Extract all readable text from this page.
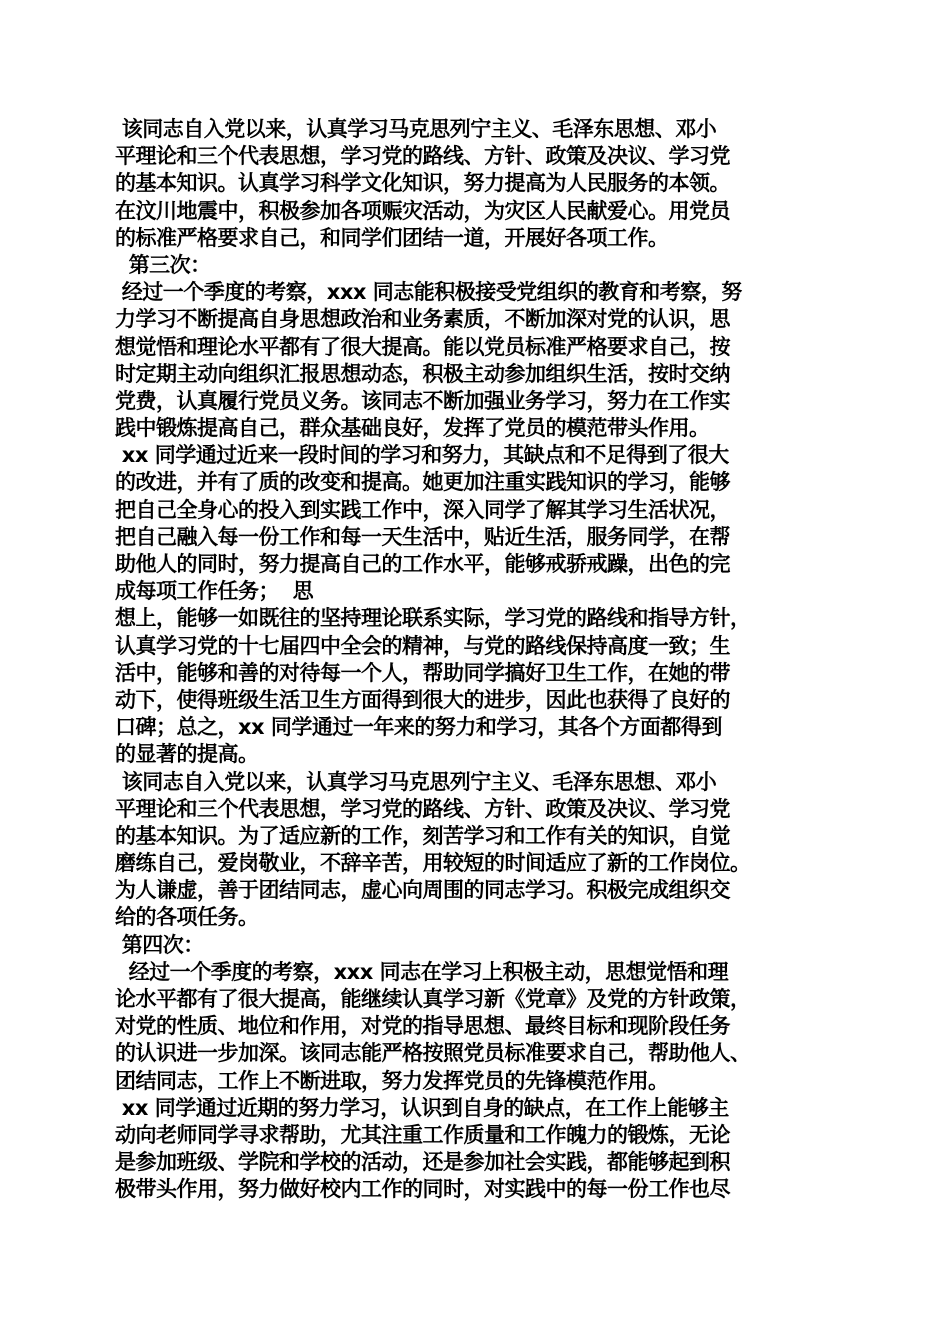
该同志自入党以来，认真学习马克思列宁主义、毛泽东思想、邓小
平理论和三个代表思想，学习党的路线、方针、政策及决议、学习党
的基本知识。认真学习科学文化知识，努力提高为人民服务的本领。
在汶川地震中，积极参加各项赈灾活动，为灾区人民献爱心。用党员
的标准严格要求自己，和同学们团结一道，开展好各项工作。
第三次：
经过一个季度的考察，xxx 同志能积极接受党组织的教育和考察，努
力学习不断提高自身思想政治和业务素质，不断加深对党的认识，思
想觉悟和理论水平都有了很大提高。能以党员标准严格要求自己，按
时定期主动向组织汇报思想动态，积极主动参加组织生活，按时交纳
党费，认真履行党员义务。该同志不断加强业务学习，努力在工作实
践中锻炼提高自己，群众基础良好，发挥了党员的模范带头作用。
xx 同学通过近来一段时间的学习和努力，其缺点和不足得到了很大
的改进，并有了质的改变和提高。她更加注重实践知识的学习，能够
把自己全身心的投入到实践工作中，深入同学了解其学习生活状况，
把自己融入每一份工作和每一天生活中，贴近生活，服务同学，在帮
助他人的同时，努力提高自己的工作水平，能够戒骄戒躁，出色的完
成每项工作任务；  思
想上，能够一如既往的坚持理论联系实际，学习党的路线和指导方针，
认真学习党的十七届四中全会的精神，与党的路线保持高度一致；生
活中，能够和善的对待每一个人，帮助同学搞好卫生工作，在她的带
动下，使得班级生活卫生方面得到很大的进步，因此也获得了良好的
口碑；总之，xx 同学通过一年来的努力和学习，其各个方面都得到
的显著的提高。
该同志自入党以来，认真学习马克思列宁主义、毛泽东思想、邓小
平理论和三个代表思想，学习党的路线、方针、政策及决议、学习党
的基本知识。为了适应新的工作，刻苦学习和工作有关的知识，自觉
磨练自己，爱岗敬业，不辞辛苦，用较短的时间适应了新的工作岗位。
为人谦虚，善于团结同志，虚心向周围的同志学习。积极完成组织交
给的各项任务。
第四次：
经过一个季度的考察，xxx 同志在学习上积极主动，思想觉悟和理
论水平都有了很大提高，能继续认真学习新《党章》及党的方针政策，
对党的性质、地位和作用，对党的指导思想、最终目标和现阶段任务
的认识进一步加深。该同志能严格按照党员标准要求自己，帮助他人、
团结同志，工作上不断进取，努力发挥党员的先锋模范作用。
xx 同学通过近期的努力学习，认识到自身的缺点，在工作上能够主
动向老师同学寻求帮助，尤其注重工作质量和工作魄力的锻炼，无论
是参加班级、学院和学校的活动，还是参加社会实践，都能够起到积
极带头作用，努力做好校内工作的同时，对实践中的每一份工作也尽
